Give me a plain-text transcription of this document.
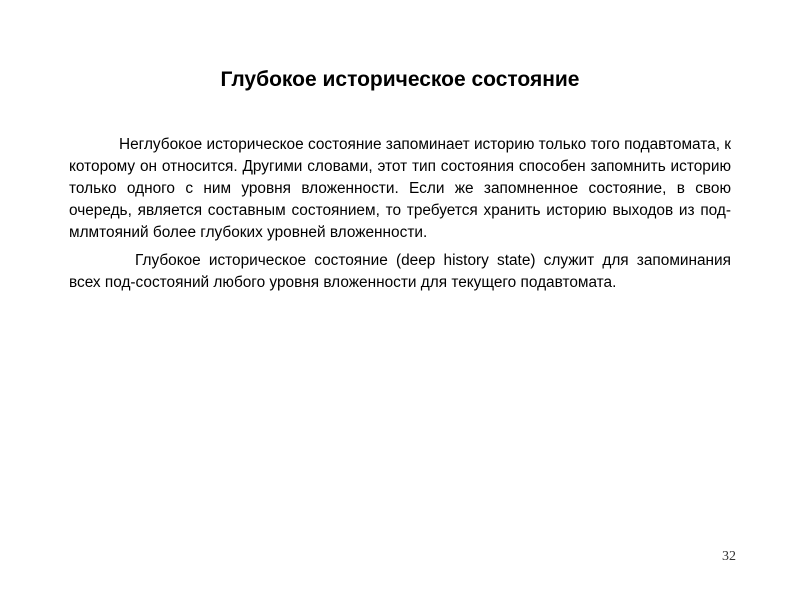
Глубокое историческое состояние

Неглубокое историческое состояние запоминает историю только того подавтомата, к которому он относится. Другими словами, этот тип состояния способен запомнить историю только одного с ним уровня вложенности. Если же запомненное состояние, в свою очередь, является составным состоянием, то требуется хранить историю выходов из под-млмтояний более глубоких уровней вложенности.

Глубокое историческое состояние (deep history state) служит для запоминания всех под-состояний любого уровня вложенности для текущего подавтомата.

32
